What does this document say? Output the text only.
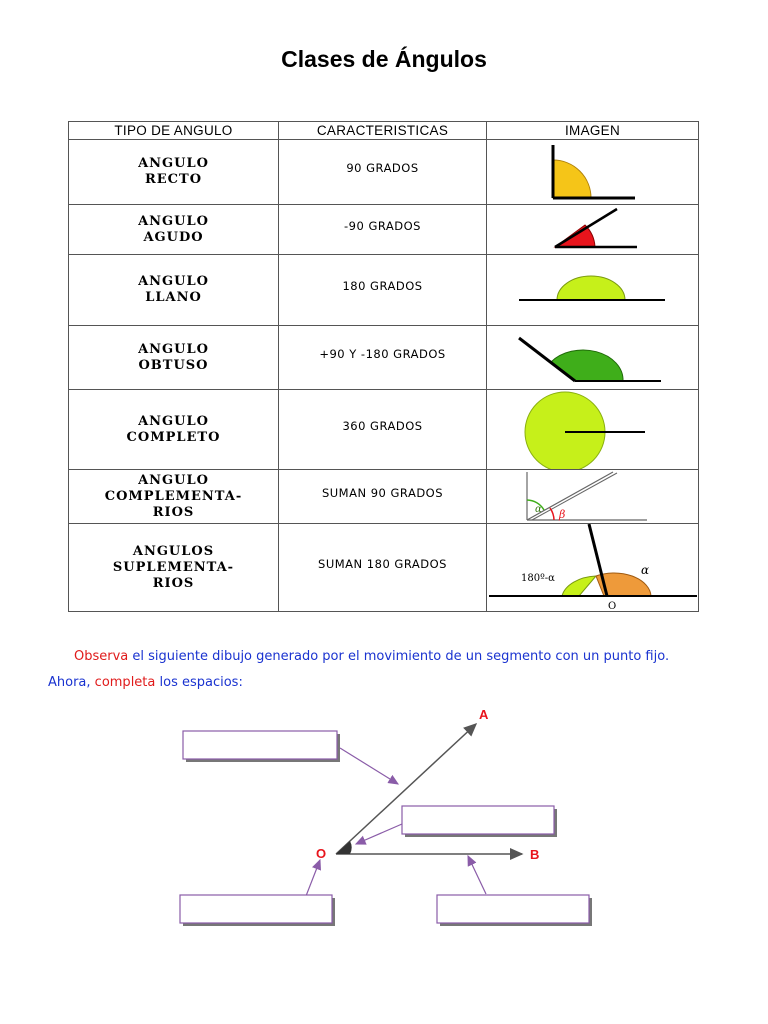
Clases de Ángulos
TIPO DE ANGULO	CARACTERISTICAS	IMAGEN

ANGULO
RECTO	90 GRADOS	

ANGULO
AGUDO	-90 GRADOS	

ANGULO
LLANO	180 GRADOS	

ANGULO
OBTUSO	+90 Y -180 GRADOS	

ANGULO
COMPLETO	360 GRADOS	

ANGULO
COMPLEMENTA-
RIOS	SUMAN 90 GRADOS	α β

ANGULOS
SUPLEMENTA-
RIOS	SUMAN 180 GRADOS	180º-α
α
O
Observa el siguiente dibujo generado por el movimiento de un segmento con un punto fijo.
Ahora, completa los espacios:
A
B
O
